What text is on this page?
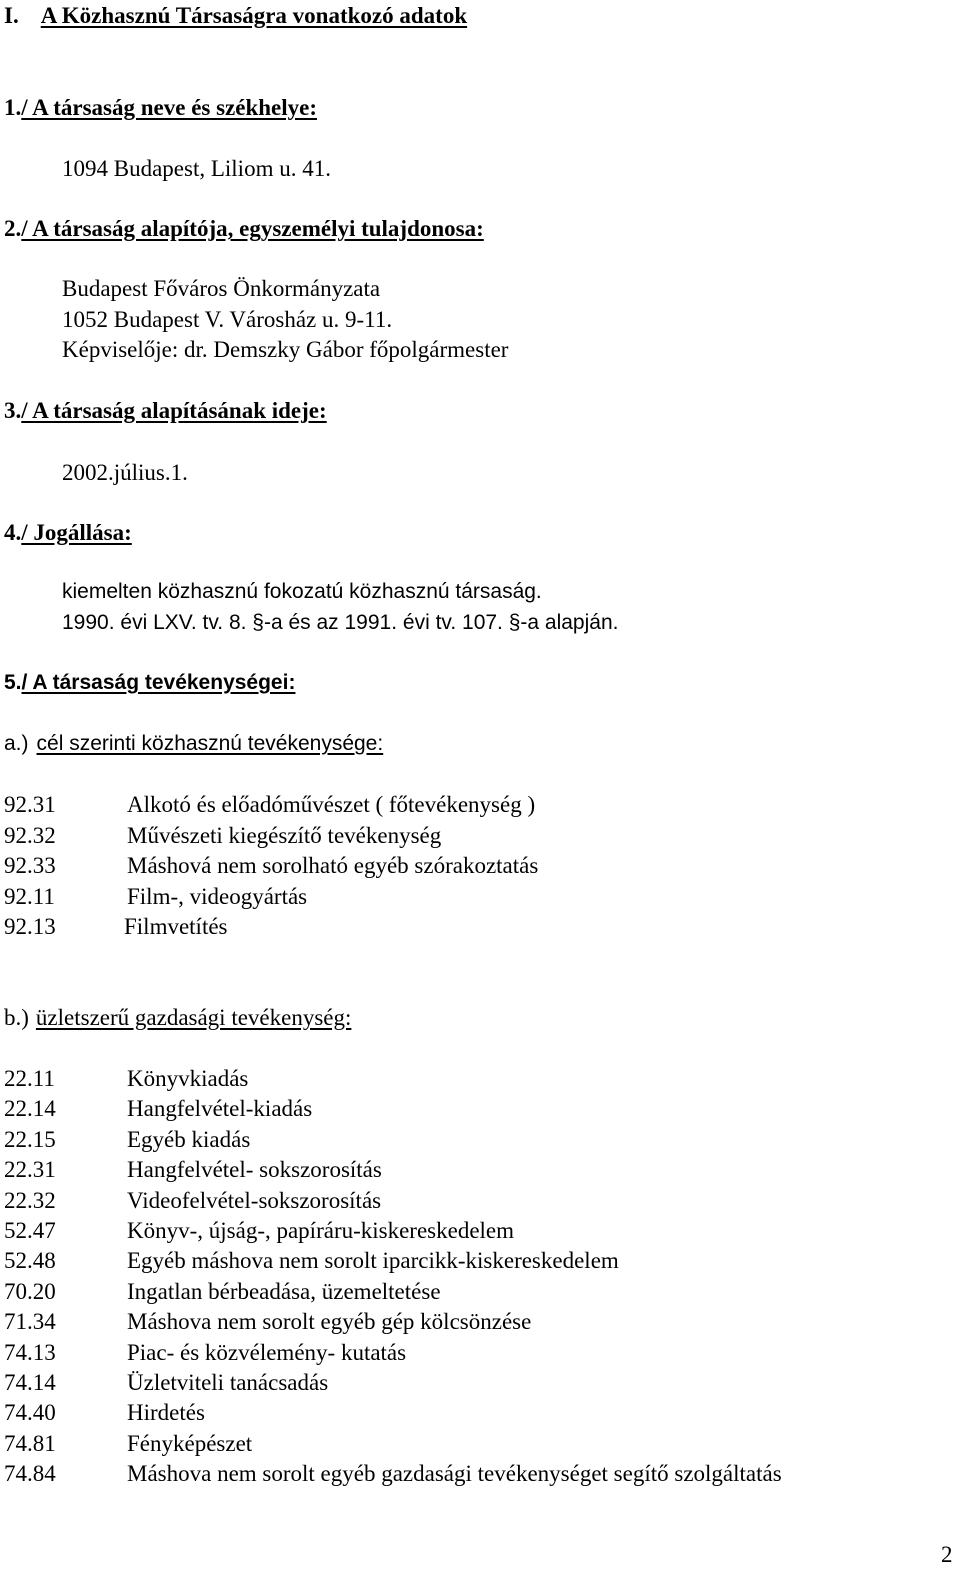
I. A Közhasznú Társaságra vonatkozó adatok
1./ A társaság neve és székhelye:
1094 Budapest, Liliom u. 41.
2./ A társaság alapítója, egyszemélyi tulajdonosa:
Budapest Főváros Önkormányzata
1052 Budapest V. Városház u. 9-11.
Képviselője: dr. Demszky Gábor főpolgármester
3./ A társaság alapításának ideje:
2002.július.1.
4./ Jogállása:
kiemelten közhasznú fokozatú közhasznú társaság.
1990. évi LXV. tv. 8. §-a és az 1991. évi tv. 107. §-a alapján.
5./ A társaság tevékenységei:
a.) cél szerinti közhasznú tevékenysége:
92.31	Alkotó és előadóművészet ( főtevékenység )
92.32	Művészeti kiegészítő tevékenység
92.33	Máshová nem sorolható egyéb szórakoztatás
92.11	Film-, videogyártás
92.13	Filmvetítés
b.) üzletszerű gazdasági tevékenység:
22.11	Könyvkiadás
22.14	Hangfelvétel-kiadás
22.15	Egyéb kiadás
22.31	Hangfelvétel- sokszorosítás
22.32	Videofelvétel-sokszorosítás
52.47	Könyv-, újság-, papíráru-kiskereskedelem
52.48	Egyéb máshova nem sorolt iparcikk-kiskereskedelem
70.20	Ingatlan bérbeadása, üzemeltetése
71.34	Máshova nem sorolt egyéb gép kölcsönzése
74.13	Piac- és közvélemény- kutatás
74.14	Üzletviteli tanácsadás
74.40	Hirdetés
74.81	Fényképészet
74.84	Máshova nem sorolt egyéb gazdasági tevékenységet segítő szolgáltatás
2
